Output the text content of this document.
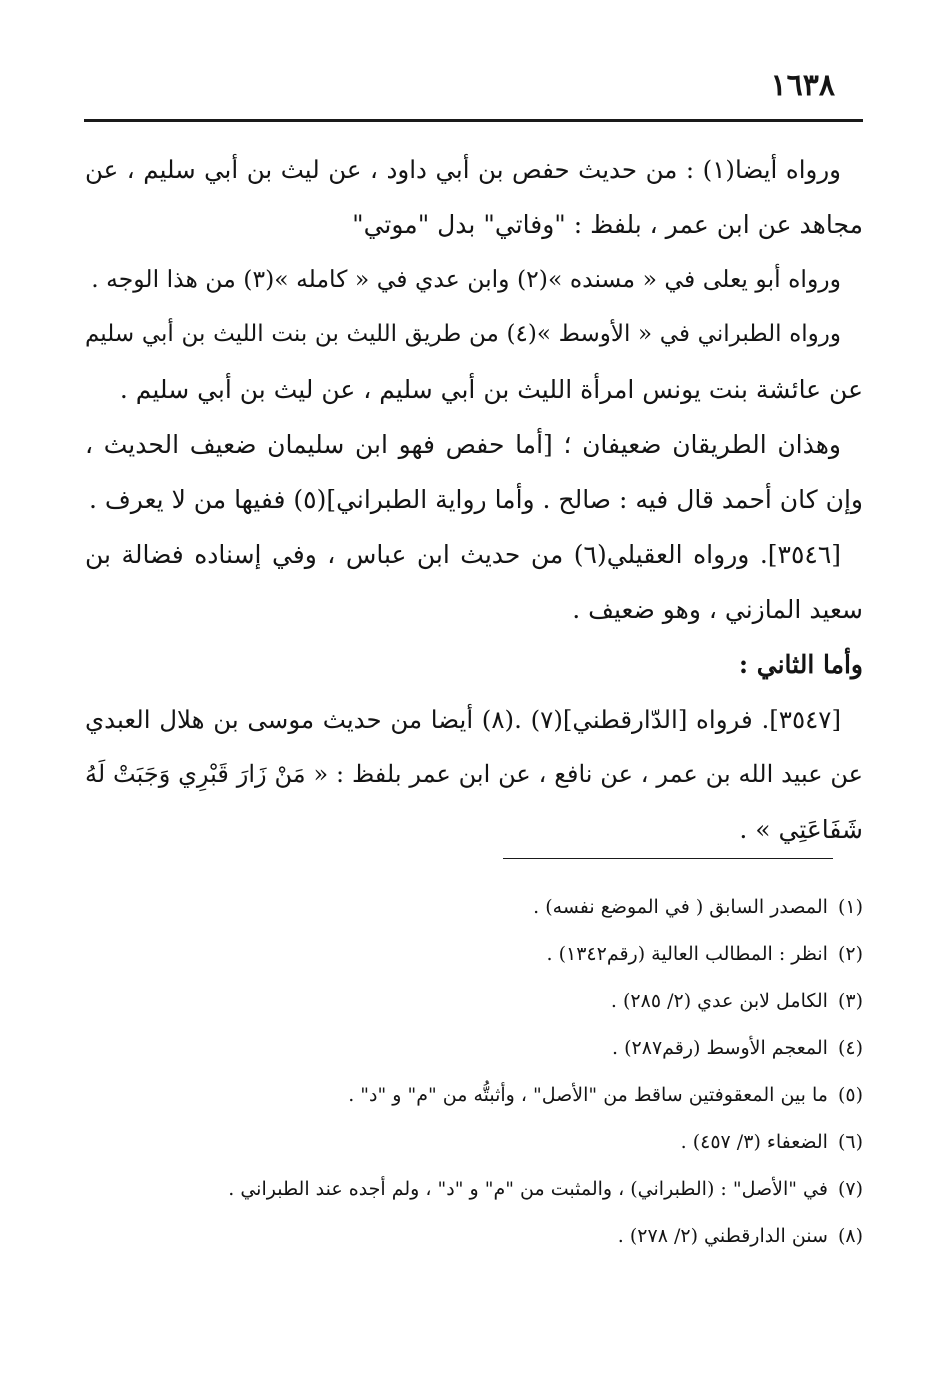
١٦٣٨
ورواه أيضا(١) : من حديث حفص بن أبي داود ، عن ليث بن أبي سليم ، عن
مجاهد عن ابن عمر ، بلفظ : "وفاتي" بدل "موتي"
ورواه أبو يعلى في « مسنده »(٢) وابن عدي في « كامله »(٣) من هذا الوجه .
ورواه الطبراني في « الأوسط »(٤) من طريق الليث بن بنت الليث بن أبي سليم
عن عائشة بنت يونس امرأة الليث بن أبي سليم ، عن ليث بن أبي سليم .
وهذان الطريقان ضعيفان ؛ [أما حفص فهو ابن سليمان ضعيف الحديث ،
وإن كان أحمد قال فيه : صالح . وأما رواية الطبراني](٥) ففيها من لا يعرف .
[٣٥٤٦]. ورواه العقيلي(٦) من حديث ابن عباس ، وفي إسناده فضالة بن
سعيد المازني ، وهو ضعيف .
وأما الثاني :
[٣٥٤٧]. فرواه [الدّارقطني](٧) .(٨) أيضا من حديث موسى بن هلال العبدي
عن عبيد الله بن عمر ، عن نافع ، عن ابن عمر بلفظ : « مَنْ زَارَ قَبْرِي وَجَبَتْ لَهُ
شَفَاعَتِي » .
(١)المصدر السابق ( في الموضع نفسه) .
(٢)انظر : المطالب العالية (رقم١٣٤٢) .
(٣)الكامل لابن عدي (٢/ ٢٨٥) .
(٤)المعجم الأوسط (رقم٢٨٧) .
(٥)ما بين المعقوفتين ساقط من "الأصل" ، وأثبتُّه من "م" و "د" .
(٦)الضعفاء (٣/ ٤٥٧) .
(٧)في "الأصل" : (الطبراني) ، والمثبت من "م" و "د" ، ولم أجده عند الطبراني .
(٨)سنن الدارقطني (٢/ ٢٧٨) .
